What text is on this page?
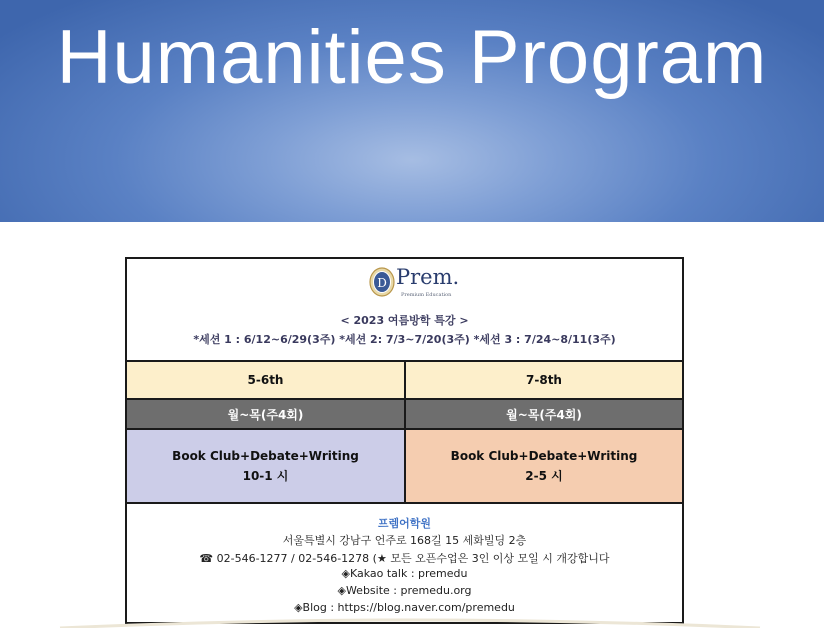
Humanities Program
D Prem.
Premium Education
< 2023 여름방학 특강 >
*세션 1 : 6/12~6/29(3주) *세션 2: 7/3~7/20(3주) *세션 3 : 7/24~8/11(3주)
5-6th	7-8th
월~목(주4회)	월~목(주4회)
Book Club+Debate+Writing
10-1 시
Book Club+Debate+Writing
2-5 시
프렘어학원
서울특별시 강남구 언주로 168길 15 세화빌딩 2층
☎ 02-546-1277 / 02-546-1278 (★ 모든 오픈수업은 3인 이상 모일 시 개강합니다
◈Kakao talk : premedu
◈Website : premedu.org
◈Blog : https://blog.naver.com/premedu
